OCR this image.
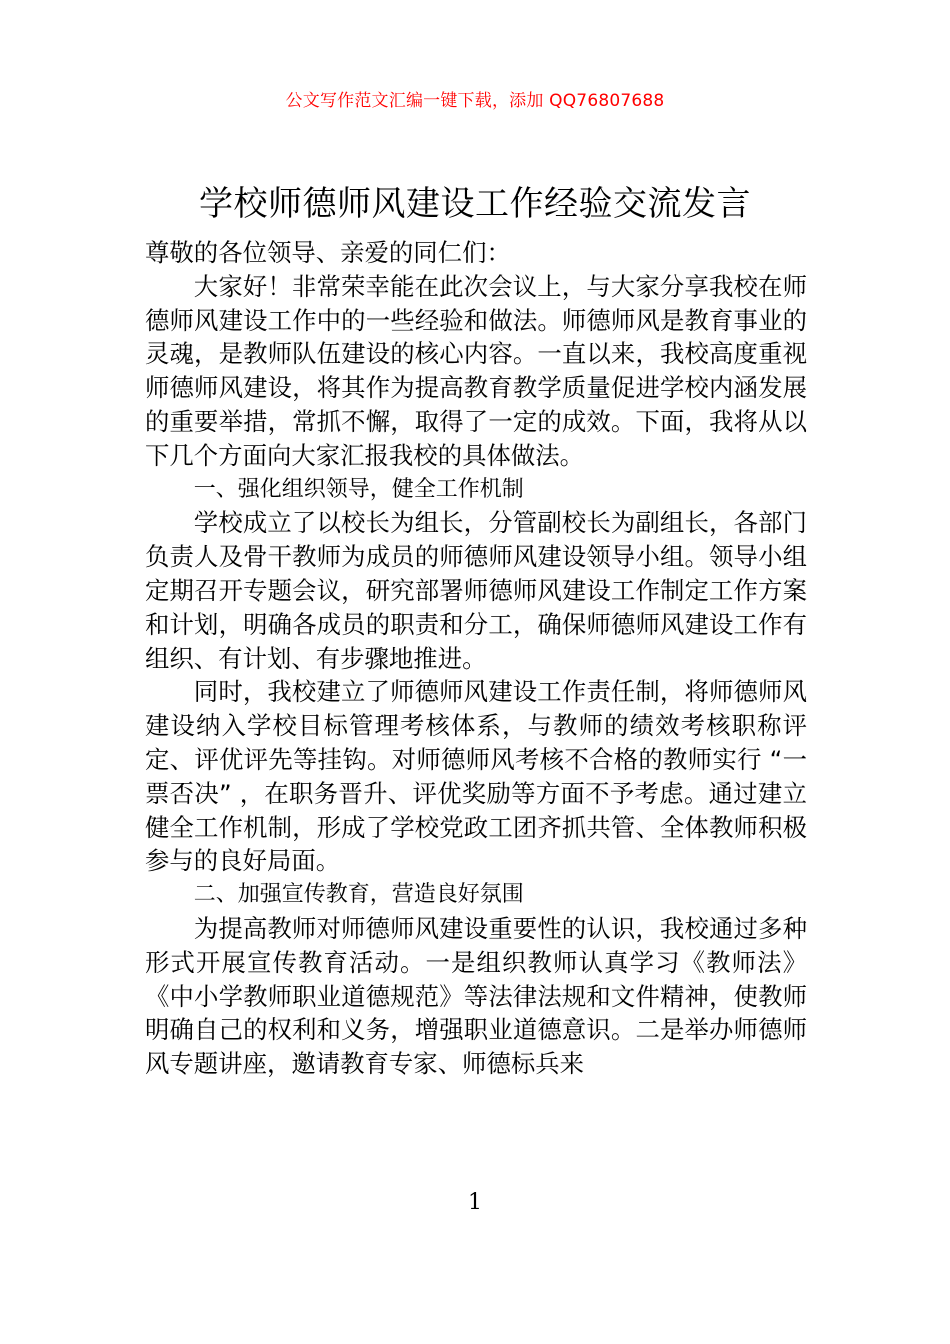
公文写作范文汇编一键下载，添加 QQ76807688
学校师德师风建设工作经验交流发言

尊敬的各位领导、亲爱的同仁们：

大家好！非常荣幸能在此次会议上，与大家分享我校在师德师风建设工作中的一些经验和做法。师德师风是教育事业的灵魂，是教师队伍建设的核心内容。一直以来，我校高度重视师德师风建设，将其作为提高教育教学质量促进学校内涵发展的重要举措，常抓不懈，取得了一定的成效。下面，我将从以下几个方面向大家汇报我校的具体做法。

一、强化组织领导，健全工作机制

学校成立了以校长为组长，分管副校长为副组长，各部门负责人及骨干教师为成员的师德师风建设领导小组。领导小组定期召开专题会议，研究部署师德师风建设工作制定工作方案和计划，明确各成员的职责和分工，确保师德师风建设工作有组织、有计划、有步骤地推进。

同时，我校建立了师德师风建设工作责任制，将师德师风建设纳入学校目标管理考核体系，与教师的绩效考核职称评定、评优评先等挂钩。对师德师风考核不合格的教师实行 “一票否决” ，在职务晋升、评优奖励等方面不予考虑。通过建立健全工作机制，形成了学校党政工团齐抓共管、全体教师积极参与的良好局面。

二、加强宣传教育，营造良好氛围

为提高教师对师德师风建设重要性的认识，我校通过多种形式开展宣传教育活动。一是组织教师认真学习《教师法》《中小学教师职业道德规范》等法律法规和文件精神，使教师明确自己的权利和义务，增强职业道德意识。二是举办师德师风专题讲座，邀请教育专家、师德标兵来

1
